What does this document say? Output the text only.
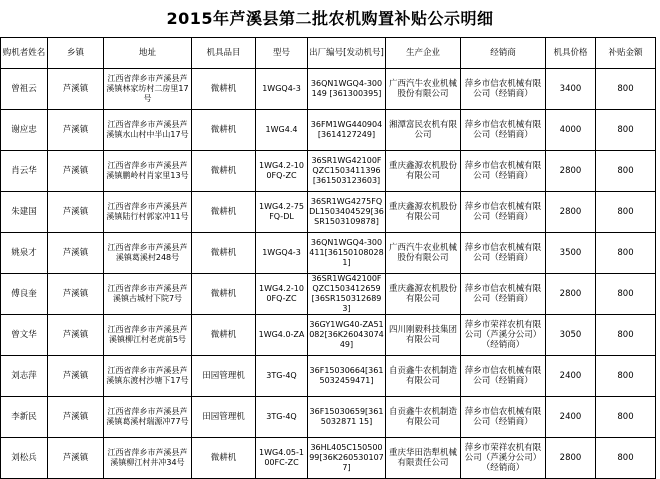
2015年芦溪县第二批农机购置补贴公示明细
购机者姓名	乡镇	地址	机具品目	型号	出厂编号[发动机号]	生产企业	经销商	机具价格	补贴金额
曾祖云	芦溪镇	江西省萍乡市芦溪县芦溪镇林家坊村二房里17号	微耕机	1WGQ4-3	36QN1WGQ4-300149 [361300395]	广西汽牛农业机械股份有限公司	萍乡市信农机械有限公司（经销商）	3400	800
谢应忠	芦溪镇	江西省萍乡市芦溪县芦溪镇水山村中半山17号	微耕机	1WG4.4	36FM1WG440904[3614127249]	湘潭富民农机有限公司	萍乡市信农机械有限公司（经销商）	4000	800
肖云华	芦溪镇	江西省萍乡市芦溪县芦溪镇鹏岭村肖家里13号	微耕机	1WG4.2-100FQ-ZC	36SR1WG42100FQZC1503411396[361503123603]	重庆鑫源农机股份有限公司	萍乡市信农机械有限公司（经销商）	2800	800
朱建国	芦溪镇	江西省萍乡市芦溪县芦溪镇陆行村郭家冲11号	微耕机	1WG4.2-75FQ-DL	36SR1WG4275FQDL1503404529[36SR1503109878]	重庆鑫源农机股份有限公司	萍乡市信农机械有限公司（经销商）	2800	800
姚泉才	芦溪镇	江西省萍乡市芦溪县芦溪镇葛溪村248号	微耕机	1WGQ4-3	36QN1WGQ4-300411[361501080281]	广西汽牛农业机械股份有限公司	萍乡市信农机械有限公司（经销商）	3500	800
傅良奎	芦溪镇	江西省萍乡市芦溪县芦溪镇古城村下院7号	微耕机	1WG4.2-100FQ-ZC	36SR1WG42100FQZC1503412659[36SR1503126893]	重庆鑫源农机股份有限公司	萍乡市信农机械有限公司（经销商）	2800	800
曾文华	芦溪镇	江西省萍乡市芦溪县芦溪镇柳江村老虎前5号	微耕机	1WG4.0-ZA	36GY1WG40-ZA51082[36K2604307449]	四川刚毅科技集团有限公司	萍乡市荣祥农机有限公司（芦溪分公司）（经销商）	3050	800
刘志萍	芦溪镇	江西省萍乡市芦溪县芦溪镇东渡村沙塘下17号	田园管理机	3TG-4Q	36F15030664[3615032459471]	自贡鑫牛农机制造有限公司	萍乡市信农机械有限公司（经销商）	2400	800
李新民	芦溪镇	江西省萍乡市芦溪县芦溪镇葛溪村瑞源冲77号	田园管理机	3TG-4Q	36F15030659[3615032871 15]	自贡鑫牛农机制造有限公司	萍乡市信农机械有限公司（经销商）	2400	800
刘松兵	芦溪镇	江西省萍乡市芦溪县芦溪镇柳江村井冲34号	微耕机	1WG4.05-100FC-ZC	36HL405C15050099[36K2605301077]	重庆华田浩犁机械有限责任公司	萍乡市荣祥农机有限公司（芦溪分公司）（经销商）	2800	800
